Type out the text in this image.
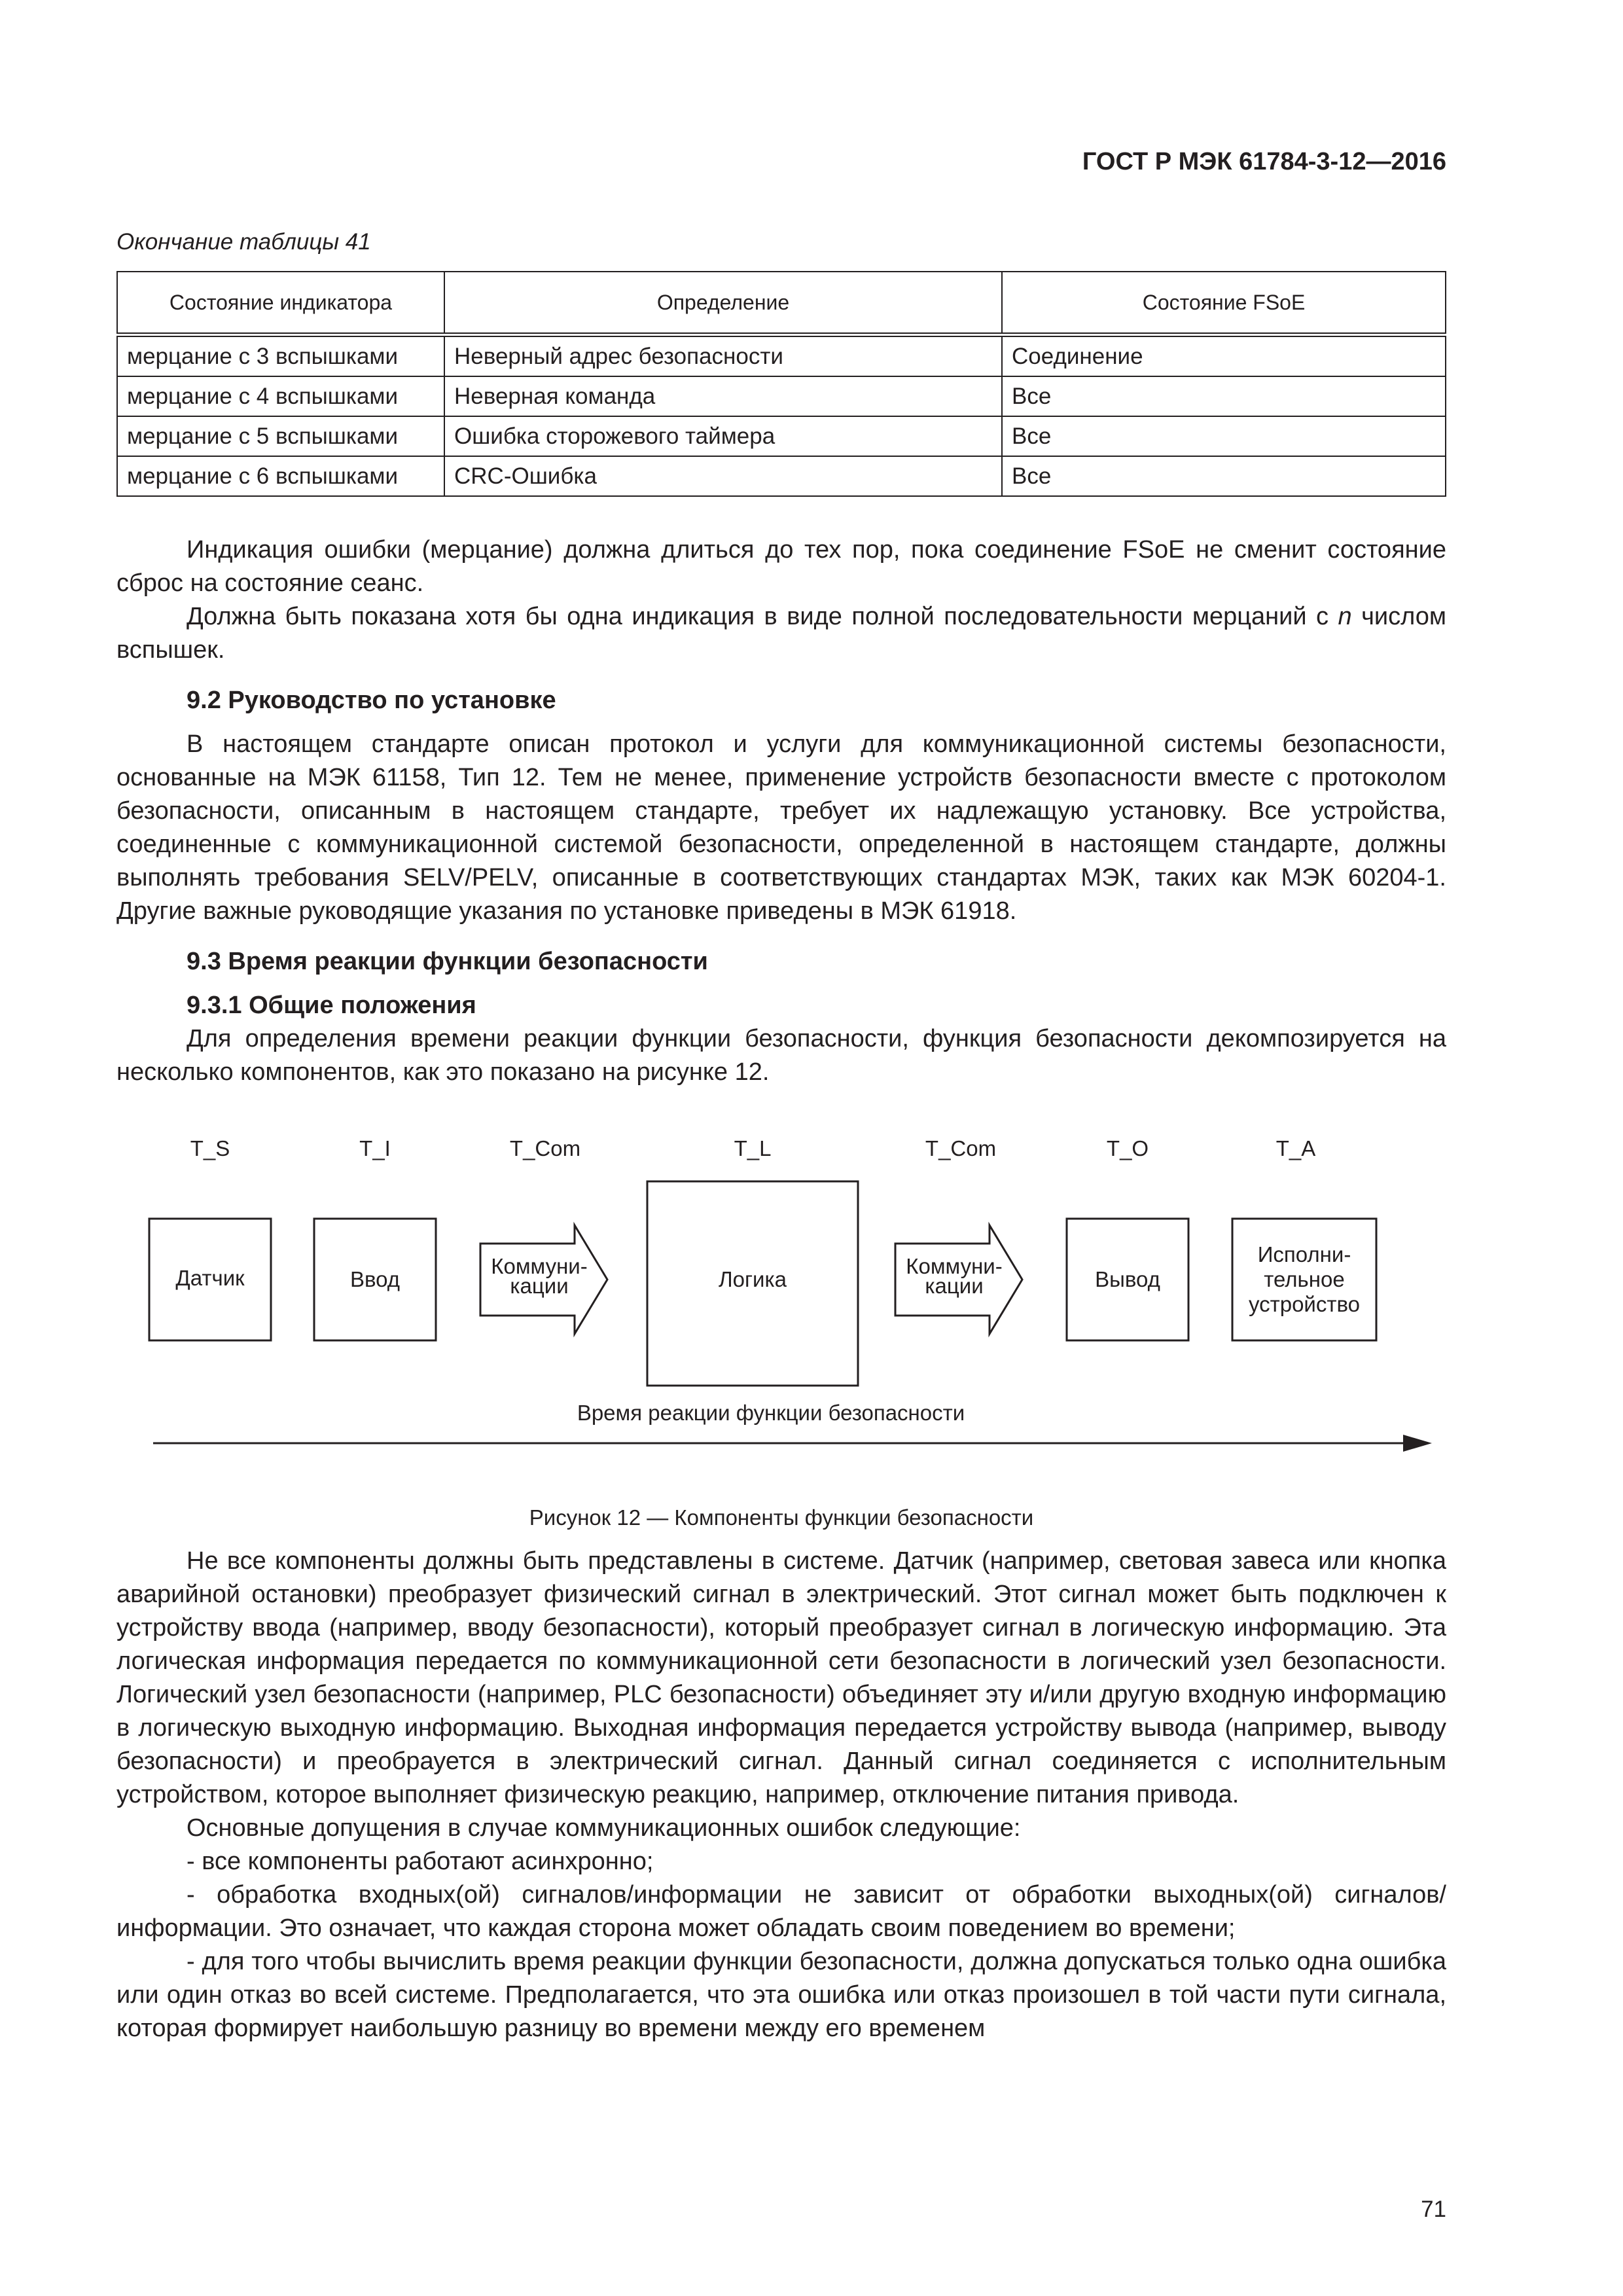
ГОСТ Р МЭК 61784-3-12—2016
Окончание таблицы 41
Состояние индикатора	Определение	Состояние FSoE
мерцание с 3 вспышками	Неверный адрес безопасности	Соединение
мерцание с 4 вспышками	Неверная команда	Все
мерцание с 5 вспышками	Ошибка сторожевого таймера	Все
мерцание с 6 вспышками	CRC-Ошибка	Все

Индикация ошибки (мерцание) должна длиться до тех пор, пока соединение FSoE не сменит состояние сброс на состояние сеанс.

Должна быть показана хотя бы одна индикация в виде полной последовательности мерцаний с n числом вспышек.

9.2 Руководство по установке

В настоящем стандарте описан протокол и услуги для коммуникационной системы безопасности, основанные на МЭК 61158, Тип 12. Тем не менее, применение устройств безопасности вместе с протоколом безопасности, описанным в настоящем стандарте, требует их надлежащую установку. Все устройства, соединенные с коммуникационной системой безопасности, определенной в настоящем стандарте, должны выполнять требования SELV/PELV, описанные в соответствующих стандартах МЭК, таких как МЭК 60204-1. Другие важные руководящие указания по установке приведены в МЭК 61918.

9.3 Время реакции функции безопасности

9.3.1 Общие положения

Для определения времени реакции функции безопасности, функция безопасности декомпозируется на несколько компонентов, как это показано на рисунке 12.

T_S	T_I	T_Com	T_L	T_Com	T_O	T_A
Датчик	Ввод
Коммуни-
кации	Логика
Коммуни-
кации	Вывод
Исполни-
тельное
устройство
Время реакции функции безопасности
Рисунок 12 — Компоненты функции безопасности

Не все компоненты должны быть представлены в системе. Датчик (например, световая завеса или кнопка аварийной остановки) преобразует физический сигнал в электрический. Этот сигнал может быть подключен к устройству ввода (например, вводу безопасности), который преобразует сигнал в логическую информацию. Эта логическая информация передается по коммуникационной сети безопасности в логический узел безопасности. Логический узел безопасности (например, PLC безопасности) объединяет эту и/или другую входную информацию в логическую выходную информацию. Выходная информация передается устройству вывода (например, выводу безопасности) и преобрауется в электрический сигнал. Данный сигнал соединяется с исполнительным устройством, которое выполняет физическую реакцию, например, отключение питания привода.

Основные допущения в случае коммуникационных ошибок следующие:

- все компоненты работают асинхронно;

- обработка входных(ой) сигналов/информации не зависит от обработки выходных(ой) сигналов/информации. Это означает, что каждая сторона может обладать своим поведением во времени;

- для того чтобы вычислить время реакции функции безопасности, должна допускаться только одна ошибка или один отказ во всей системе. Предполагается, что эта ошибка или отказ произошел в той части пути сигнала, которая формирует наибольшую разницу во времени между его временем

71
